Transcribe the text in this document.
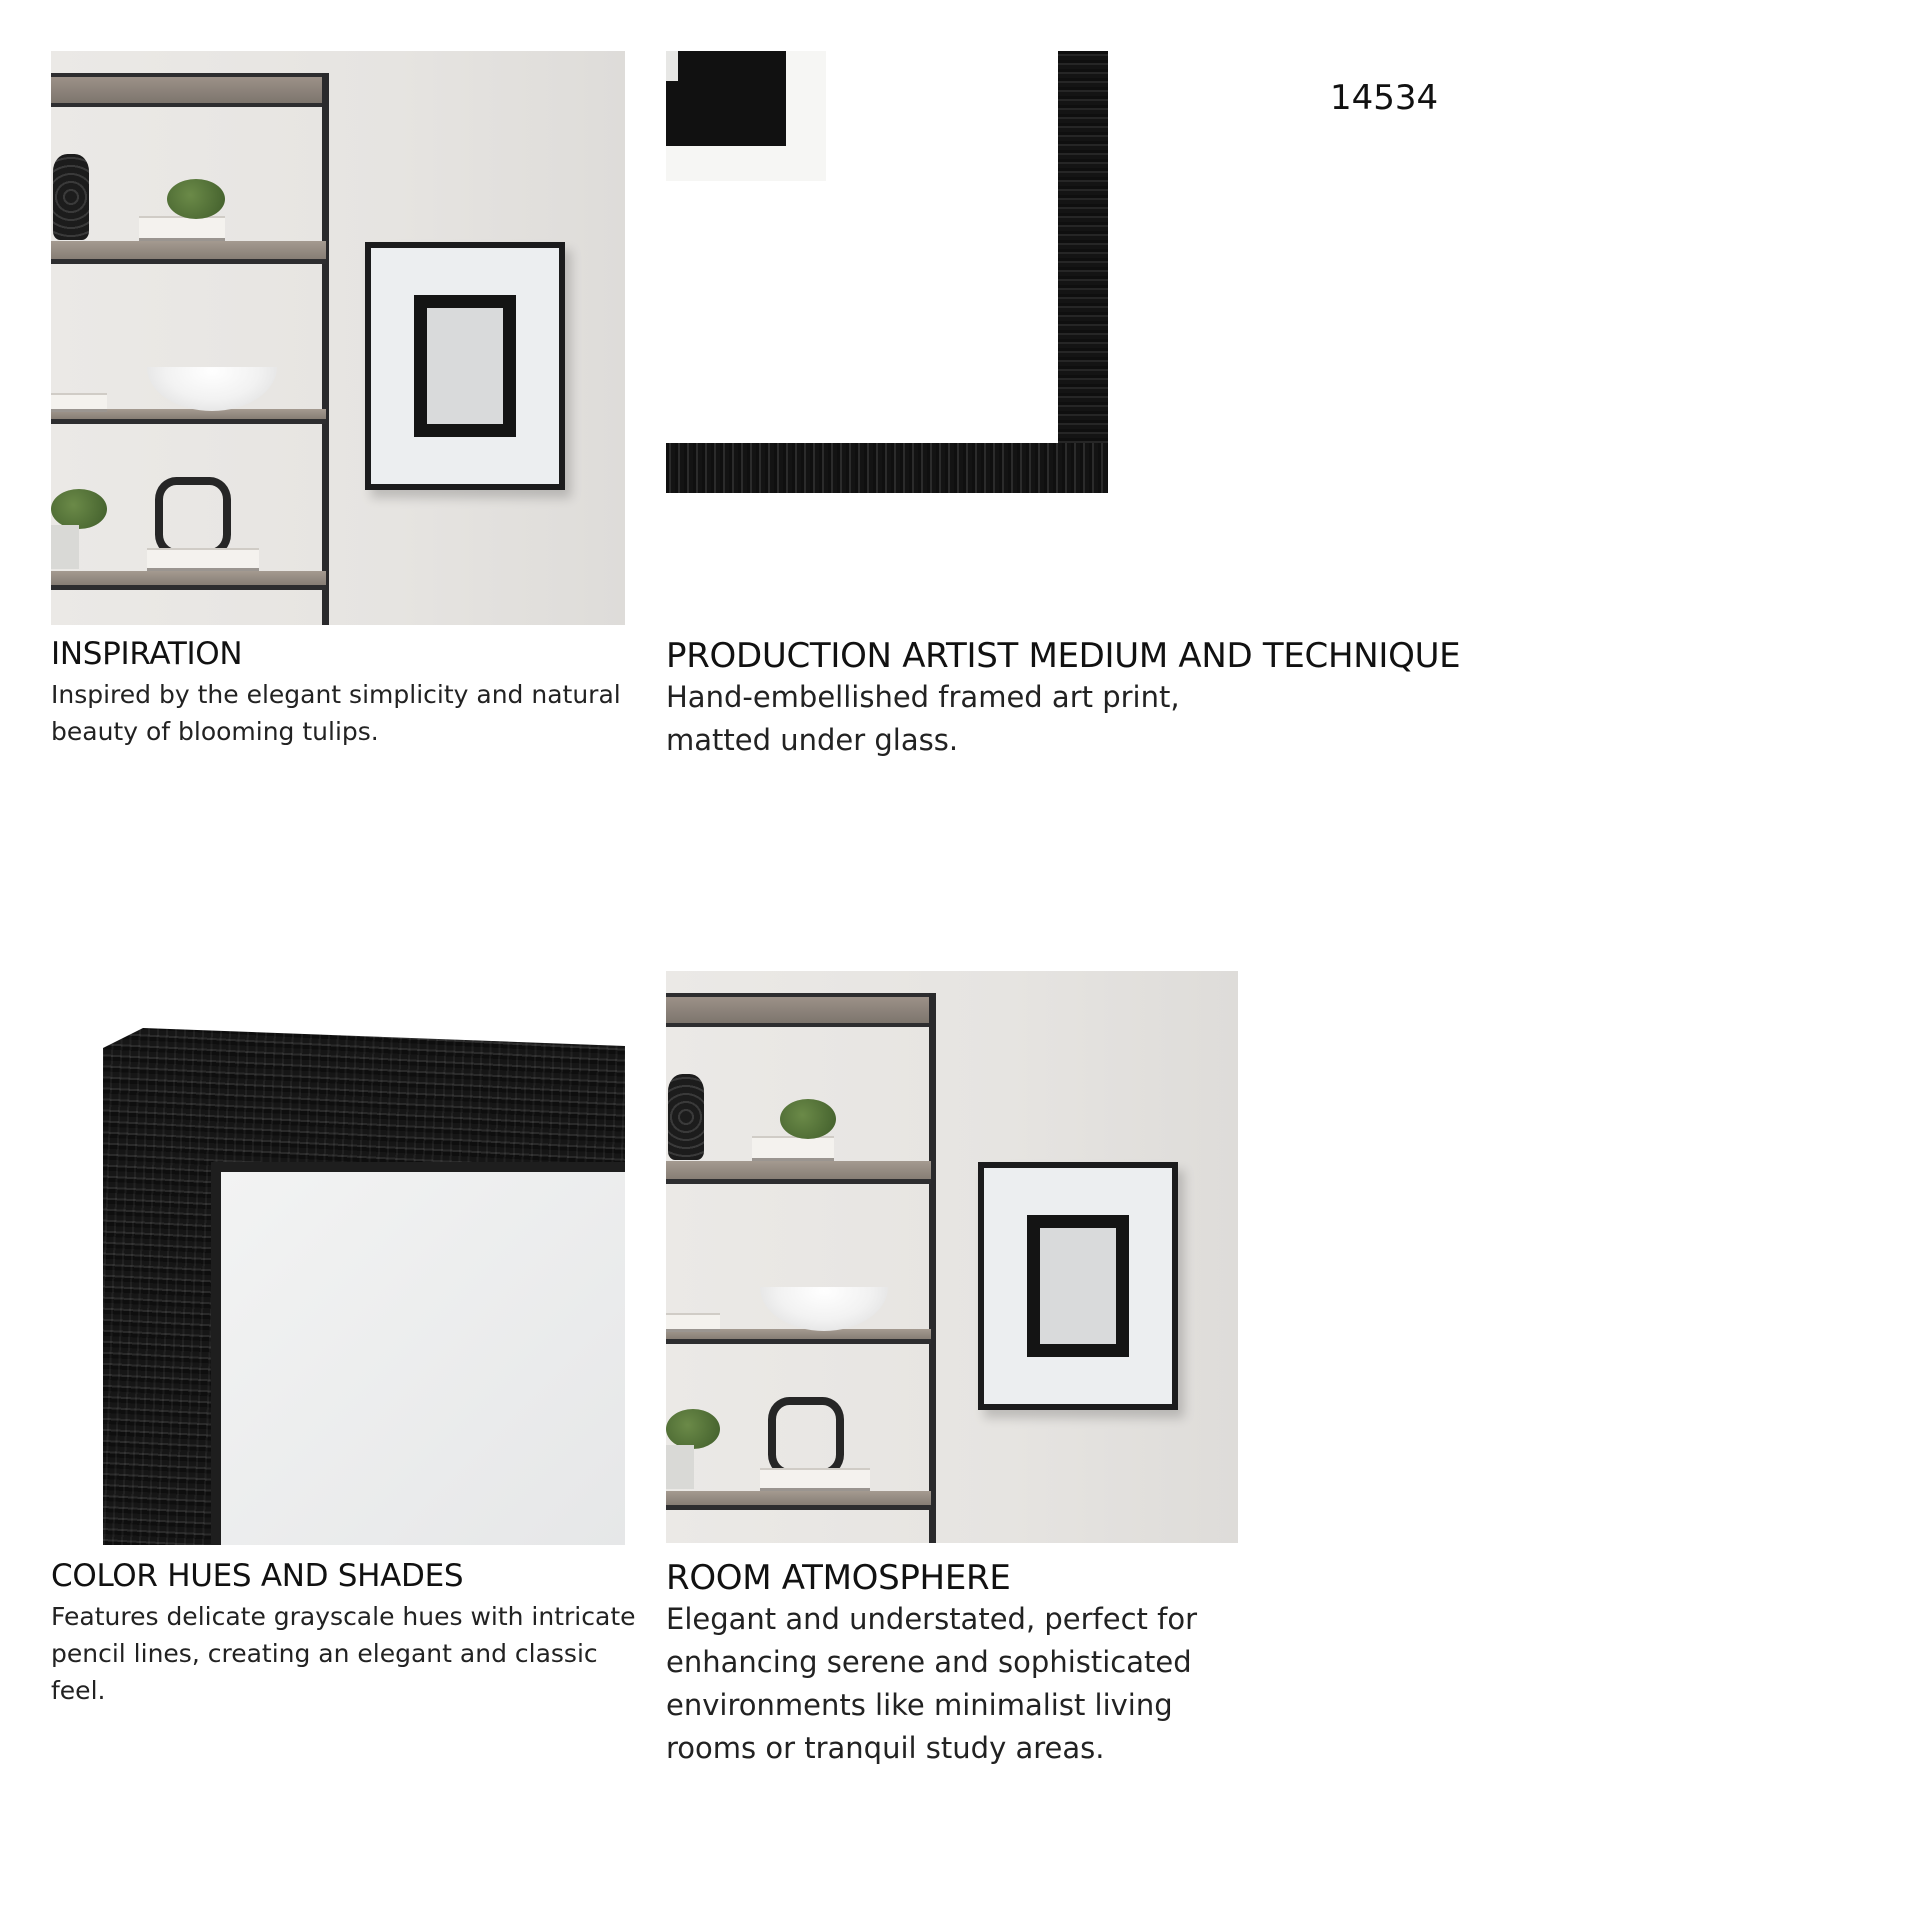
14534
INSPIRATION
Inspired by the elegant simplicity and natural
beauty of blooming tulips.
PRODUCTION ARTIST MEDIUM AND TECHNIQUE
Hand-embellished framed art print,
matted under glass.
COLOR HUES AND SHADES
Features delicate grayscale hues with intricate
pencil lines, creating an elegant and classic
feel.
ROOM ATMOSPHERE
Elegant and understated, perfect for
enhancing serene and sophisticated
environments like minimalist living
rooms or tranquil study areas.
